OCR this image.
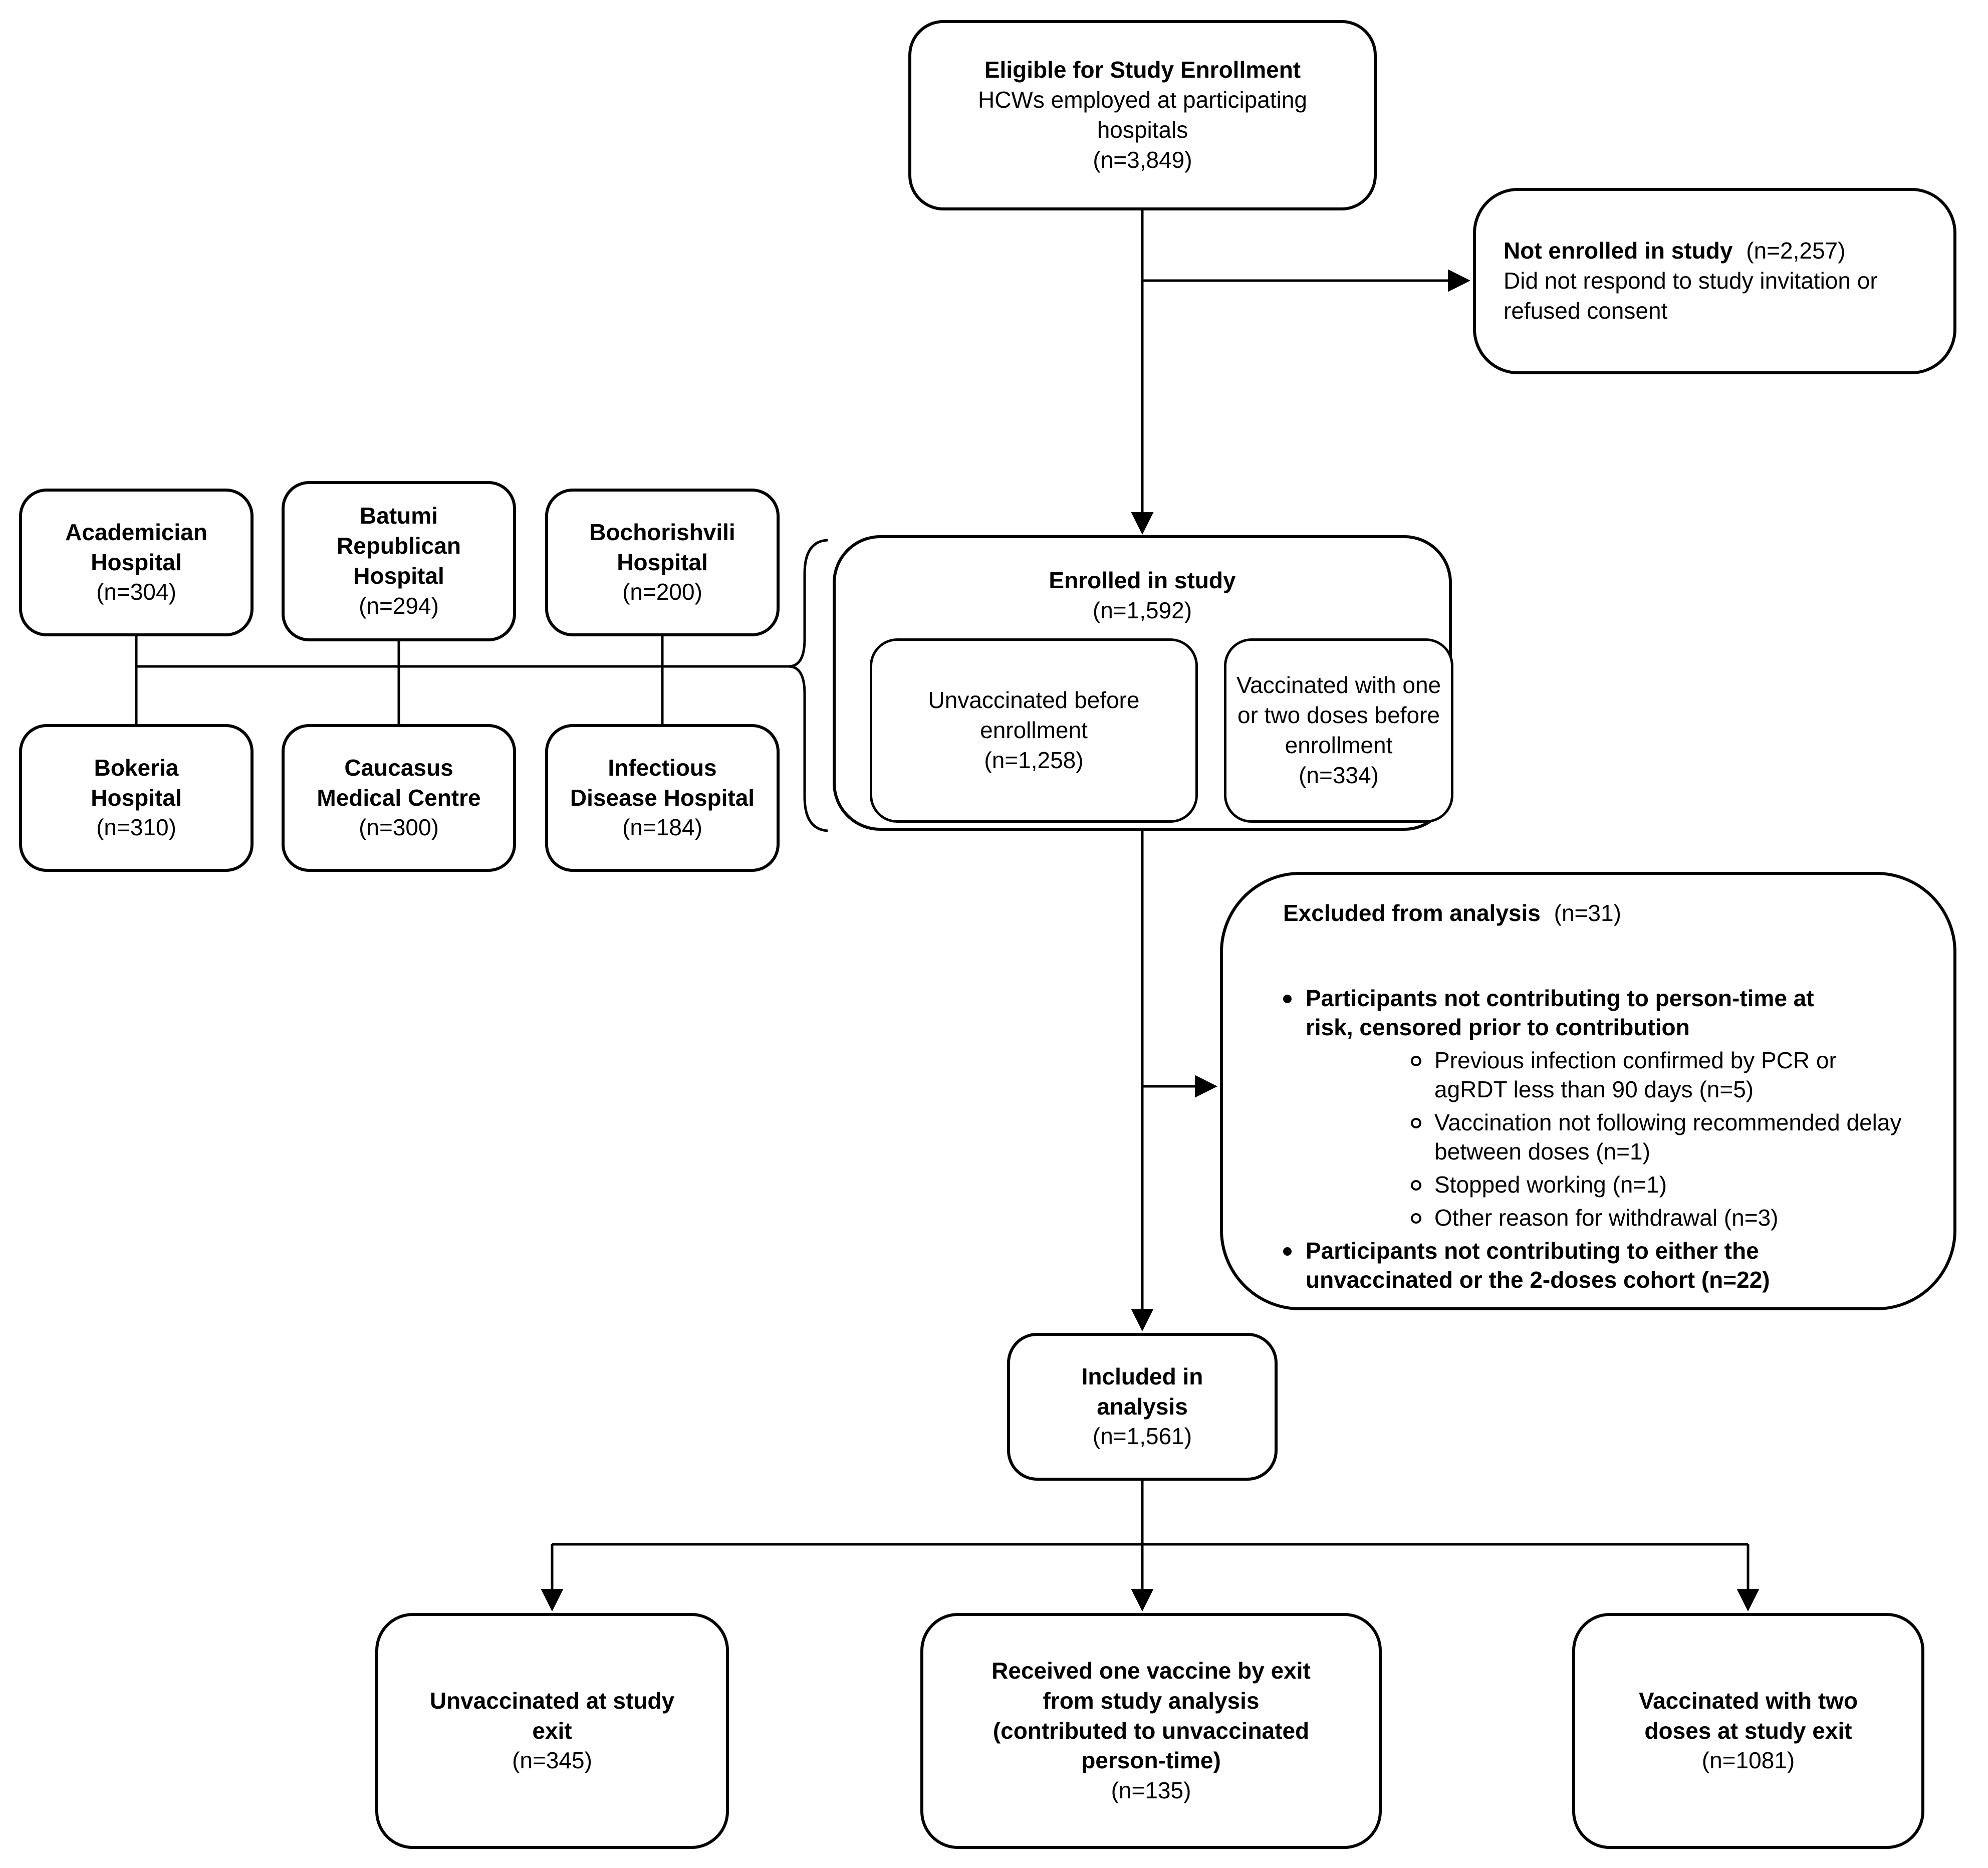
Eligible for Study Enrollment
HCWs employed at participating hospitals
(n=3,849)
Not enrolled in study (n=2,257)
Did not respond to study invitation or refused consent
Academician
Hospital
(n=304)
Batumi
Republican
Hospital
(n=294)
Bochorishvili
Hospital
(n=200)
Bokeria
Hospital
(n=310)
Caucasus
Medical Centre
(n=300)
Infectious
Disease Hospital
(n=184)
Enrolled in study
(n=1,592)
Unvaccinated before enrollment
(n=1,258)
Vaccinated with one or two doses before enrollment
(n=334)
Excluded from analysis (n=31)
Participants not contributing to person-time at risk, censored prior to contribution
Previous infection confirmed by PCR or agRDT less than 90 days (n=5)
Vaccination not following recommended delay between doses (n=1)
Stopped working (n=1)
Other reason for withdrawal (n=3)
Participants not contributing to either the unvaccinated or the 2-doses cohort (n=22)
Included in analysis
(n=1,561)
Unvaccinated at study exit
(n=345)
Received one vaccine by exit from study analysis (contributed to unvaccinated person-time)
(n=135)
Vaccinated with two doses at study exit
(n=1081)
